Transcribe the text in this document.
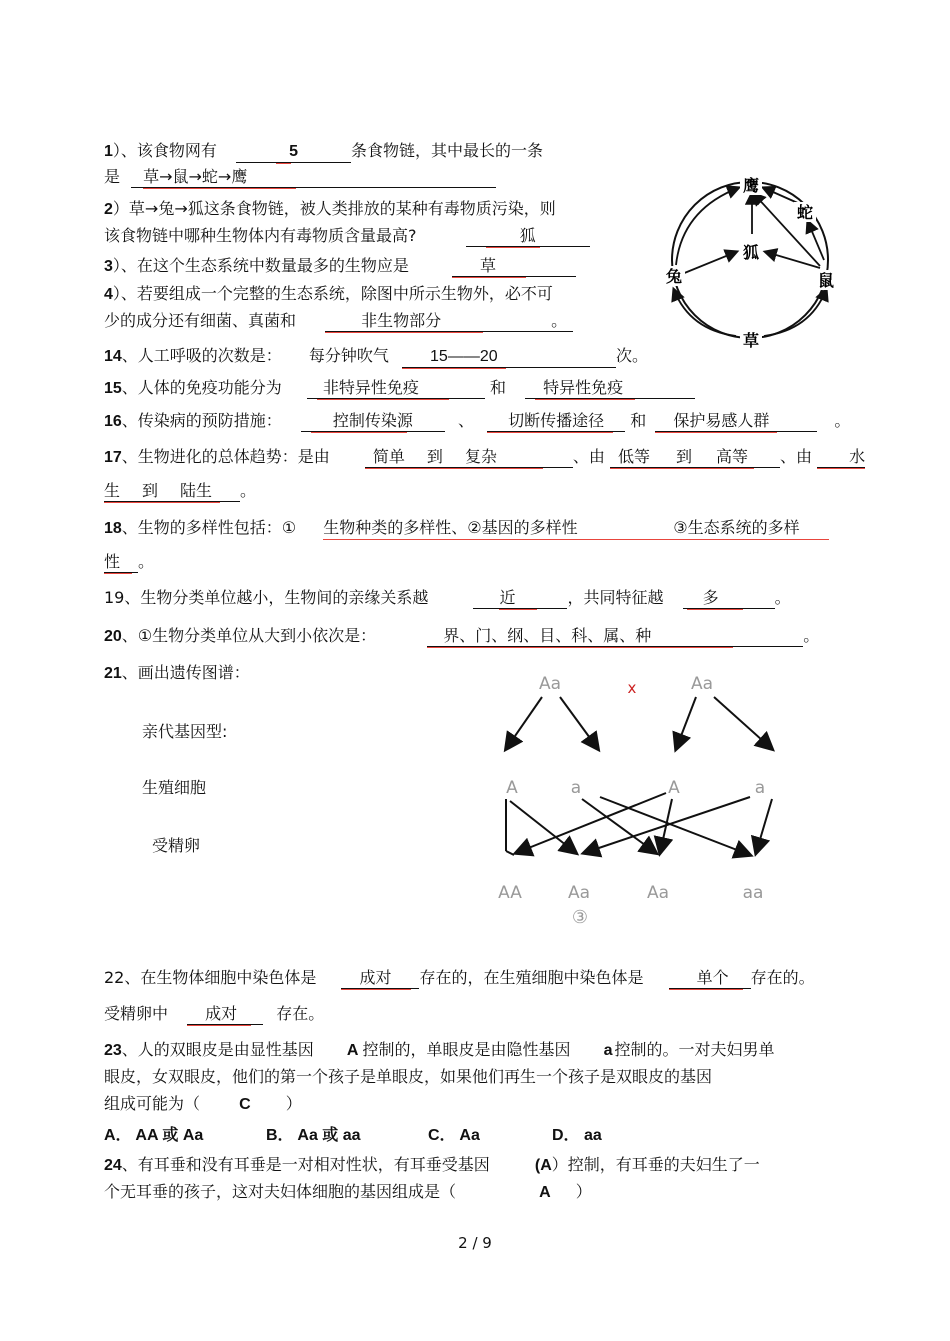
1）、该食物网有	5	条食物链，其中最长的一条
是 草→鼠→蛇→鹰
2）草→兔→狐这条食物链，被人类排放的某种有毒物质污染，则
该食物链中哪种生物体内有毒物质含量最高?	狐
3）、在这个生态系统中数量最多的生物应是	草
4）、若要组成一个完整的生态系统，除图中所示生物外，必不可
少的成分还有细菌、真菌和	非生物部分	。
鹰
蛇
狐
兔	鼠
草
14、人工呼吸的次数是： 每分钟吹气	15——20	次。
15、人体的免疫功能分为	非特异性免疫	和 特异性免疫
16、传染病的预防措施：	控制传染源	、 切断传播途径 和 保护易感人群	。
17、生物进化的总体趋势：是由	简单 到 复杂	、由 低等 到 高等 、由 水
生 到 陆生 。
18、生物的多样性包括：① 生物种类的多样性、②基因的多样性	③生态系统的多样
性 。
19、生物分类单位越小，生物间的亲缘关系越	近	，共同特征越 多	。
20、①生物分类单位从大到小依次是：	界、门、纲、目、科、属、种	。
21、画出遗传图谱：
亲代基因型:
生殖细胞
受精卵
Aa	x	Aa
A	a	A	a
AA	Aa	Aa	aa
③
22、在生物体细胞中染色体是	成对 存在的，在生殖细胞中染色体是	单个 存在的。
受精卵中 成对 存在。
23、人的双眼皮是由显性基因 A 控制的，单眼皮是由隐性基因 a 控制的。一对夫妇男单
眼皮，女双眼皮，他们的第一个孩子是单眼皮，如果他们再生一个孩子是双眼皮的基因
组成可能为（ C ）
A． AA 或 Aa	B． Aa 或 aa	C． Aa	D． aa
24、有耳垂和没有耳垂是一对相对性状，有耳垂受基因	(A）控制，有耳垂的夫妇生了一
个无耳垂的孩子，这对夫妇体细胞的基因组成是（	A ）
2 / 9
